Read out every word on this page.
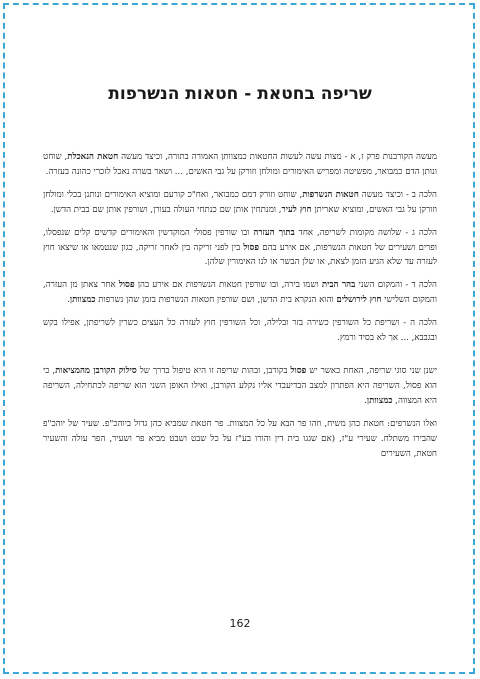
שריפה בחטאת - חטאות הנשרפות

מעשה הקורבנות פרק ז, א - מצות עשה לעשות החטאות כמצוותן האמורה בתורה, וכיצד מעשה חטאת הנאכלת, שוחט ונותן הדם כמבואר, מפשיטה ומפריש האימורים ומולחן וזורקן על גבי האשים, ... ושאר בשרה נאכל לזכרי כהונה בעזרה.

הלכה ב - וכיצד מעשה חטאות הנשרפות, שוחט וזורק דמם כמבואר, ואח"כ קורעם ומוציא האימורים ונותנן בכלי ומולחן וזורקן על גבי האשים, ומוציא שאריתן חוץ לעיר, ומנתחין אותן שם כנתחי העולה בעורן, ושורפין אותן שם בבית הדשן.

הלכה ג - שלושה מקומות לשריפה, אחד בתוך העזרה ובו שורפין פסולי המוקדשין והאימורים קדשים קלים שנפסלו, ופרים ושעירים של חטאות הנשרפות, אם אירע בהם פסול בין לפני זריקה בין לאחר זריקה, כגון שנטמאו או שיצאו חוץ לעזרה עד שלא הגיע הזמן לצאת, או שלן הבשר או לנו האימורין שלהן.

הלכה ד - והמקום השני בהר הבית ושמו בירה, ובו שורפין חטאות הנשרפות אם אירע בהן פסול אחר צאתן מן העזרה, והמקום השלישי חוץ לירושלים והוא הנקרא בית הדשן, ושם שורפין חטאות הנשרפות בזמן שהן נשרפות כמצוותן.

הלכה ה - ושריפת כל השורפין כשירה בזר ובלילה, וכל השורפין חוץ לעזרה כל העצים כשרין לשריפתן, אפילו בקש ובגבבא, ... אך לא בסיד ורמץ.

ישנן שני סוגי שריפה, האחת כאשר יש פסול בקורבן, ובהות שריפה זו היא טיפול בדרך של סילוק הקורבן מהמציאות, כי הוא פסול, השריפה היא הפתרון למצב הבדיעבדי אליו נקלע הקורבן, ואילו האופן השני הוא שריפה לכתחילה, השריפה היא המצווה, כמצוותן.

ואלו הנשרפים: חטאת כהן משיח, וזהו פר הבא על כל המצוות. פר חטאת שמביא כהן גדול ביוהכ"פ. שעיר של יוהכ"פ שהבירו משתלח. שעירי ע"ז, (אם שגגו בית דין והורו בע"ז על כל שבט ושבט מביא פר ושעיר, הפר עולה והשעיר חטאת, השעירים

162
